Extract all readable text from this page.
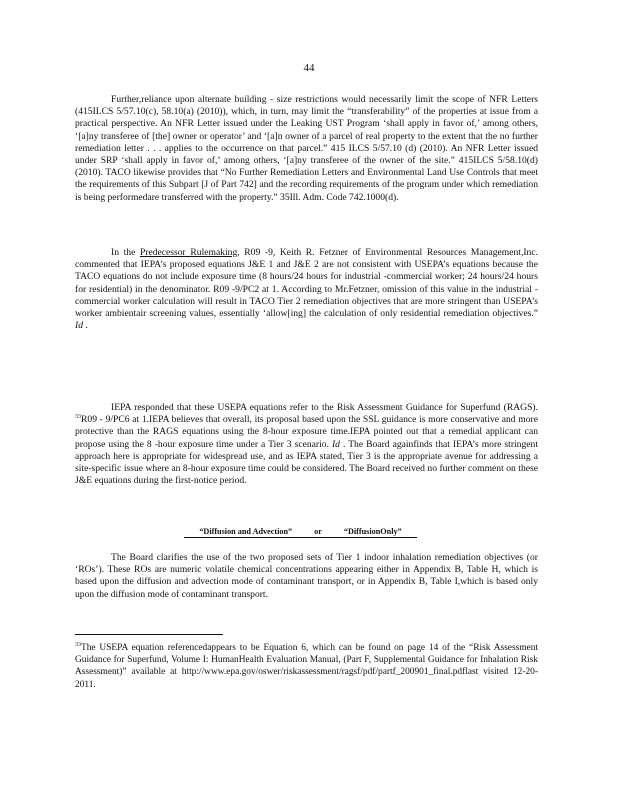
44

Further,reliance upon alternate building - size restrictions would necessarily limit the scope of NFR Letters (415ILCS 5/57.10(c), 58.10(a) (2010)), which, in turn, may limit the “transferability” of the properties at issue from a practical perspective. An NFR Letter issued under the Leaking UST Program ‘shall apply in favor of,’ among others, ‘[a]ny transferee of [the] owner or operator’ and ‘[a]n owner of a parcel of real property to the extent that the no further remediation letter . . . applies to the occurrence on that parcel.” 415 ILCS 5/57.10 (d) (2010). An NFR Letter issued under SRP ‘shall apply in favor of,’ among others, ‘[a]ny transferee of the owner of the site.” 415ILCS 5/58.10(d) (2010). TACO likewise provides that “No Further Remediation Letters and Environmental Land Use Controls that meet the requirements of this Subpart [J of Part 742] and the recording requirements of the program under which remediation is being performedare transferred with the property.” 35Ill. Adm. Code 742.1000(d).

In the Predecessor Rulemaking, R09 -9, Keith R. Fetzner of Environmental Resources Management,Inc. commented that IEPA’s proposed equations J&E 1 and J&E 2 are not consistent with USEPA’s equations because the TACO equations do not include exposure time (8 hours/24 hours for industrial -commercial worker; 24 hours/24 hours for residential) in the denominator. R09 -9/PC2 at 1. According to Mr.Fetzner, omission of this value in the industrial -commercial worker calculation will result in TACO Tier 2 remediation objectives that are more stringent than USEPA’s worker ambientair screening values, essentially ‘allow[ing] the calculation of only residential remediation objectives.” Id .

IEPA responded that these USEPA equations refer to the Risk Assessment Guidance for Superfund (RAGS). $^{33}$R09 - 9/PC6 at 1.IEPA believes that overall, its proposal based upon the SSL guidance is more conservative and more protective than the RAGS equations using the 8-hour exposure time.IEPA pointed out that a remedial applicant can propose using the 8 -hour exposure time under a Tier 3 scenario. Id . The Board againfinds that IEPA’s more stringent approach here is appropriate for widespread use, and as IEPA stated, Tier 3 is the appropriate avenue for addressing a site-specific issue where an 8-hour exposure time could be considered. The Board received no further comment on these J&E equations during the first-notice period.

“Diffusion and Advection”	or	“DiffusionOnly”

The Board clarifies the use of the two proposed sets of Tier 1 indoor inhalation remediation objectives (or ‘ROs’). These ROs are numeric volatile chemical concentrations appearing either in Appendix B, Table H, which is based upon the diffusion and advection mode of contaminant transport, or in Appendix B, Table I,which is based only upon the diffusion mode of contaminant transport.

$^{33}$The USEPA equation referencedappears to be Equation 6, which can be found on page 14 of the “Risk Assessment Guidance for Superfund, Volume I: HumanHealth Evaluation Manual, (Part F, Supplemental Guidance for Inhalation Risk Assessment)” available at http://www.epa.gov/oswer/riskassessment/ragsf/pdf/partf_200901_final.pdflast visited 12-20-2011.
